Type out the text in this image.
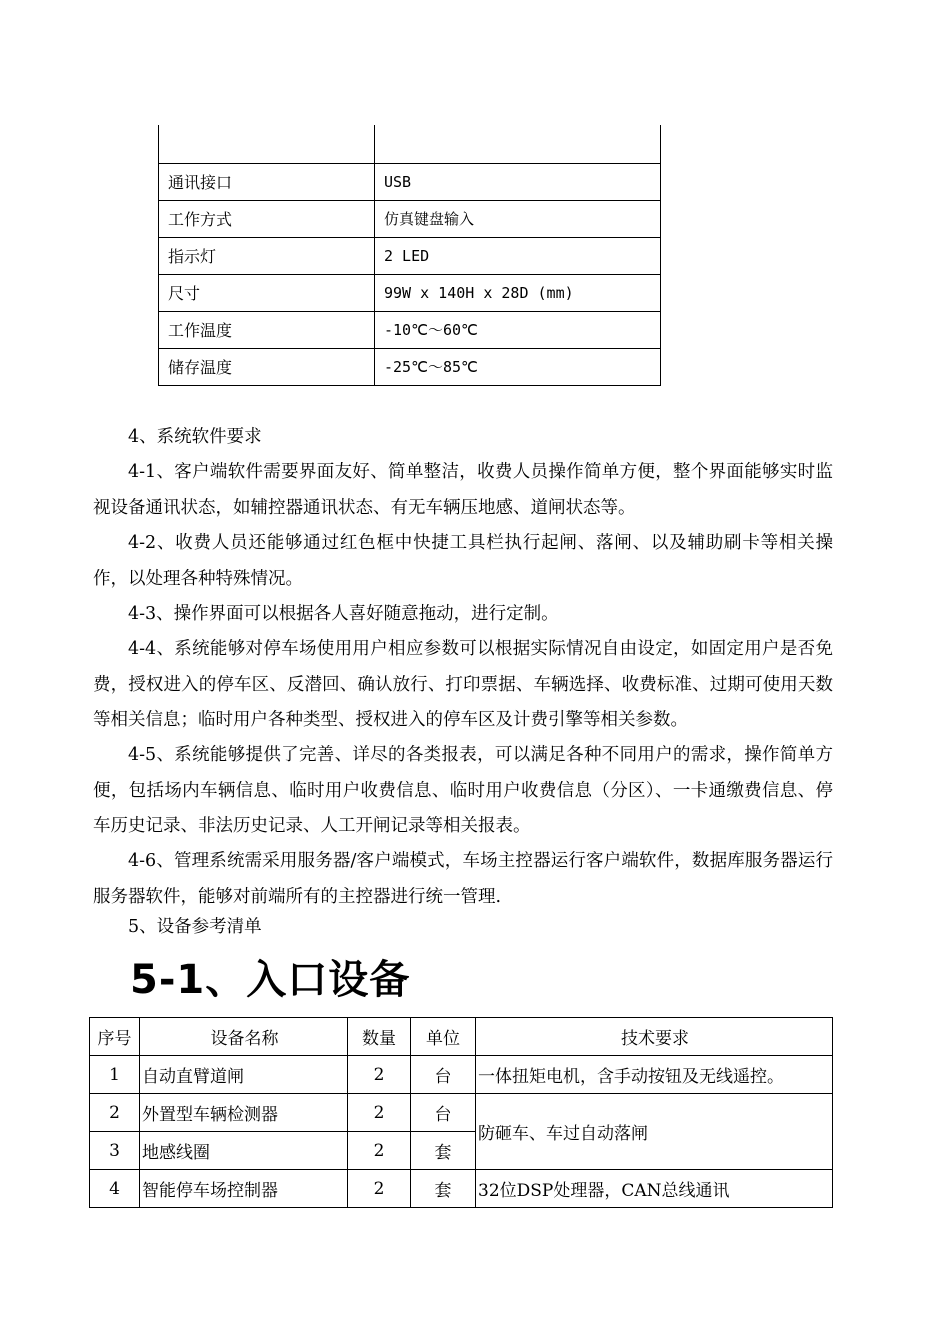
通讯接口	USB
工作方式	仿真键盘输入
指示灯	2 LED
尺寸	99W x 140H x 28D (mm)
工作温度	-10℃～60℃
储存温度	-25℃～85℃

4、系统软件要求

4-1、客户端软件需要界面友好、简单整洁，收费人员操作简单方便，整个界面能够实时监视设备通讯状态，如辅控器通讯状态、有无车辆压地感、道闸状态等。

4-2、收费人员还能够通过红色框中快捷工具栏执行起闸、落闸、以及辅助刷卡等相关操作，以处理各种特殊情况。

4-3、操作界面可以根据各人喜好随意拖动，进行定制。

4-4、系统能够对停车场使用用户相应参数可以根据实际情况自由设定，如固定用户是否免费，授权进入的停车区、反潜回、确认放行、打印票据、车辆选择、收费标准、过期可使用天数等相关信息；临时用户各种类型、授权进入的停车区及计费引擎等相关参数。

4-5、系统能够提供了完善、详尽的各类报表，可以满足各种不同用户的需求，操作简单方便，包括场内车辆信息、临时用户收费信息、临时用户收费信息（分区）、一卡通缴费信息、停车历史记录、非法历史记录、人工开闸记录等相关报表。

4-6、管理系统需采用服务器/客户端模式，车场主控器运行客户端软件，数据库服务器运行服务器软件，能够对前端所有的主控器进行统一管理.

5、设备参考清单

5-1、入口设备
序号	设备名称	数量	单位	技术要求
1	自动直臂道闸	2	台	一体扭矩电机，含手动按钮及无线遥控。
2	外置型车辆检测器	2	台	防砸车、车过自动落闸
3	地感线圈	2	套	
4	智能停车场控制器	2	套	32位DSP处理器，CAN总线通讯
